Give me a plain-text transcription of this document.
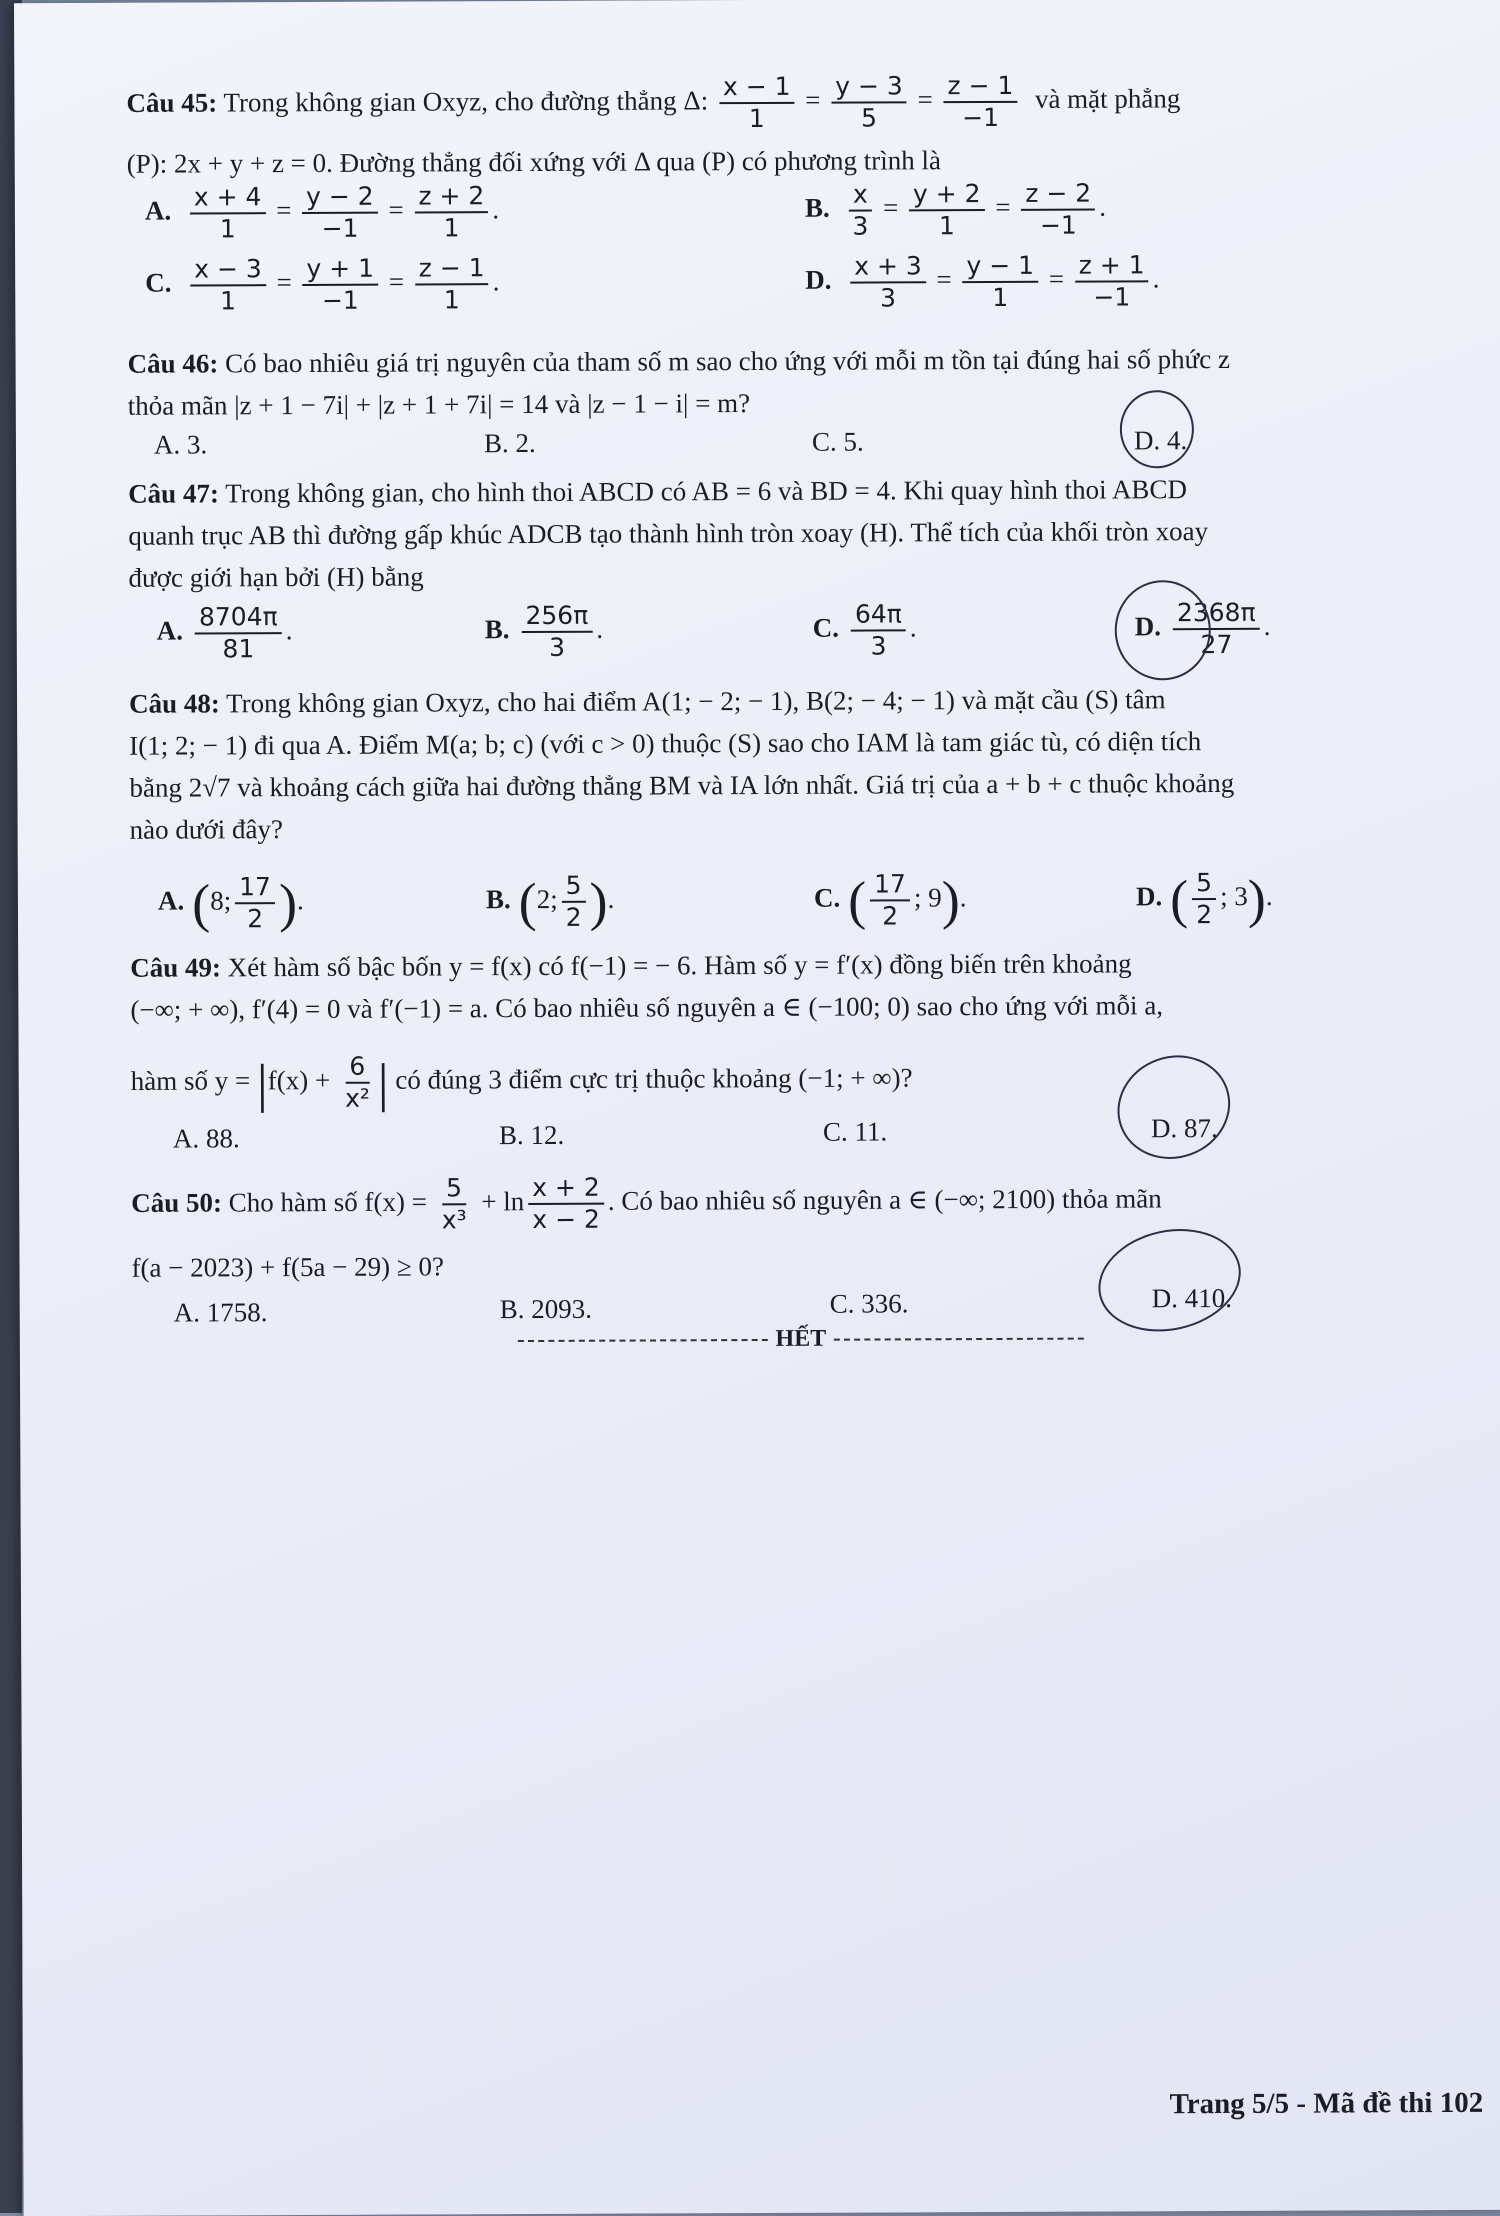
Câu 45: Trong không gian Oxyz, cho đường thẳng Δ: $\frac{x - 1}{1} = \frac{y - 3}{5} = \frac{z - 1}{-1}$ và mặt phẳng
(P): 2x + y + z = 0. Đường thẳng đối xứng với Δ qua (P) có phương trình là
A. $\frac{x + 4}{1} = \frac{y - 2}{-1} = \frac{z + 2}{1}$ .	B. $\frac{x}{3} = \frac{y + 2}{1} = \frac{z - 2}{-1}$ .
C. $\frac{x - 3}{1} = \frac{y + 1}{-1} = \frac{z - 1}{1}$ .	D. $\frac{x + 3}{3} = \frac{y - 1}{1} = \frac{z + 1}{-1}$ .
Câu 46: Có bao nhiêu giá trị nguyên của tham số m sao cho ứng với mỗi m tồn tại đúng hai số phức z
thỏa mãn |z + 1 − 7i| + |z + 1 + 7i| = 14 và |z − 1 − i| = m?
A. 3.	B. 2.	C. 5.	D. 4.
Câu 47: Trong không gian, cho hình thoi ABCD có AB = 6 và BD = 4. Khi quay hình thoi ABCD
quanh trục AB thì đường gấp khúc ADCB tạo thành hình tròn xoay (H). Thể tích của khối tròn xoay
được giới hạn bởi (H) bằng
A. $\frac{8704\pi}{81}$ .	B. $\frac{256\pi}{3}$ .	C. $\frac{64\pi}{3}$ .	D. $\frac{2368\pi}{27}$ .
Câu 48: Trong không gian Oxyz, cho hai điểm A(1; − 2; − 1), B(2; − 4; − 1) và mặt cầu (S) tâm
I(1; 2; − 1) đi qua A. Điểm M(a; b; c) (với c > 0) thuộc (S) sao cho IAM là tam giác tù, có diện tích
bằng 2√7 và khoảng cách giữa hai đường thẳng BM và IA lớn nhất. Giá trị của a + b + c thuộc khoảng
nào dưới đây?
A. (8; $\frac{17}{2}$ ).	B. (2; $\frac{5}{2}$ ).	C. ( $\frac{17}{2}$ ; 9).	D. ( $\frac{5}{2}$ ; 3).
Câu 49: Xét hàm số bậc bốn y = f(x) có f(−1) = − 6. Hàm số y = f′(x) đồng biến trên khoảng
(−∞; + ∞), f′(4) = 0 và f′(−1) = a. Có bao nhiêu số nguyên a ∈ (−100; 0) sao cho ứng với mỗi a,
hàm số $y = |f(x) + \frac{6}{\text{x²}}$ | có đúng 3 điểm cực trị thuộc khoảng (−1; + ∞)?
A. 88.	B. 12.	C. 11.	D. 87.
Câu 50: Cho hàm số $f(x) = \frac{5}{\text{x³}} + \ln \frac{x + 2}{x - 2}$ . Có bao nhiêu số nguyên a ∈ (−∞; 2100) thỏa mãn
f(a − 2023) + f(5a − 29) ≥ 0?
A. 1758.	B. 2093.	C. 336.	D. 410.
HẾT
Trang 5/5 - Mã đề thi 102
